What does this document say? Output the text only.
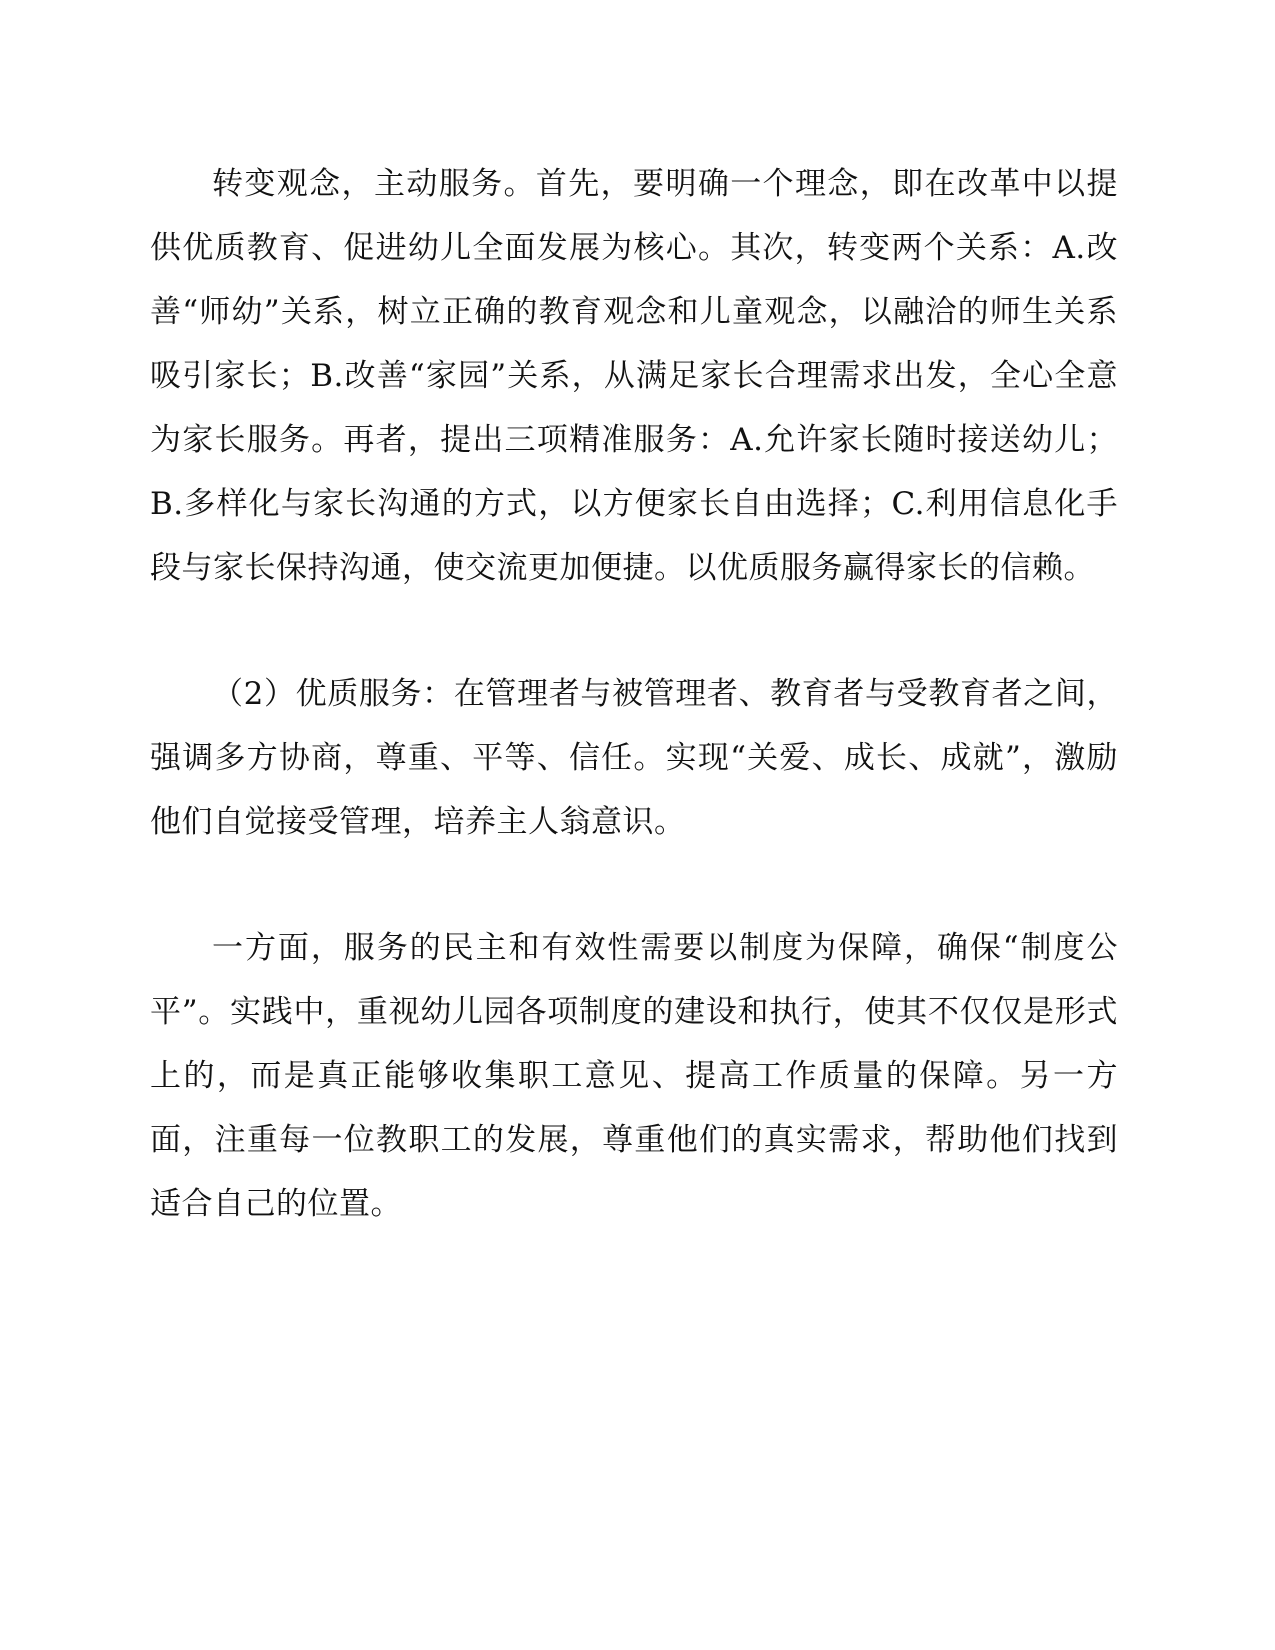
转变观念，主动服务。首先，要明确一个理念，即在改革中以提供优质教育、促进幼儿全面发展为核心。其次，转变两个关系：A.改善“师幼”关系，树立正确的教育观念和儿童观念，以融洽的师生关系吸引家长；B.改善“家园”关系，从满足家长合理需求出发，全心全意为家长服务。再者，提出三项精准服务：A.允许家长随时接送幼儿；B.多样化与家长沟通的方式，以方便家长自由选择；C.利用信息化手段与家长保持沟通，使交流更加便捷。以优质服务赢得家长的信赖。

（2）优质服务：在管理者与被管理者、教育者与受教育者之间，强调多方协商，尊重、平等、信任。实现“关爱、成长、成就”，激励他们自觉接受管理，培养主人翁意识。

一方面，服务的民主和有效性需要以制度为保障，确保“制度公平”。实践中，重视幼儿园各项制度的建设和执行，使其不仅仅是形式上的，而是真正能够收集职工意见、提高工作质量的保障。另一方面，注重每一位教职工的发展，尊重他们的真实需求，帮助他们找到适合自己的位置。
